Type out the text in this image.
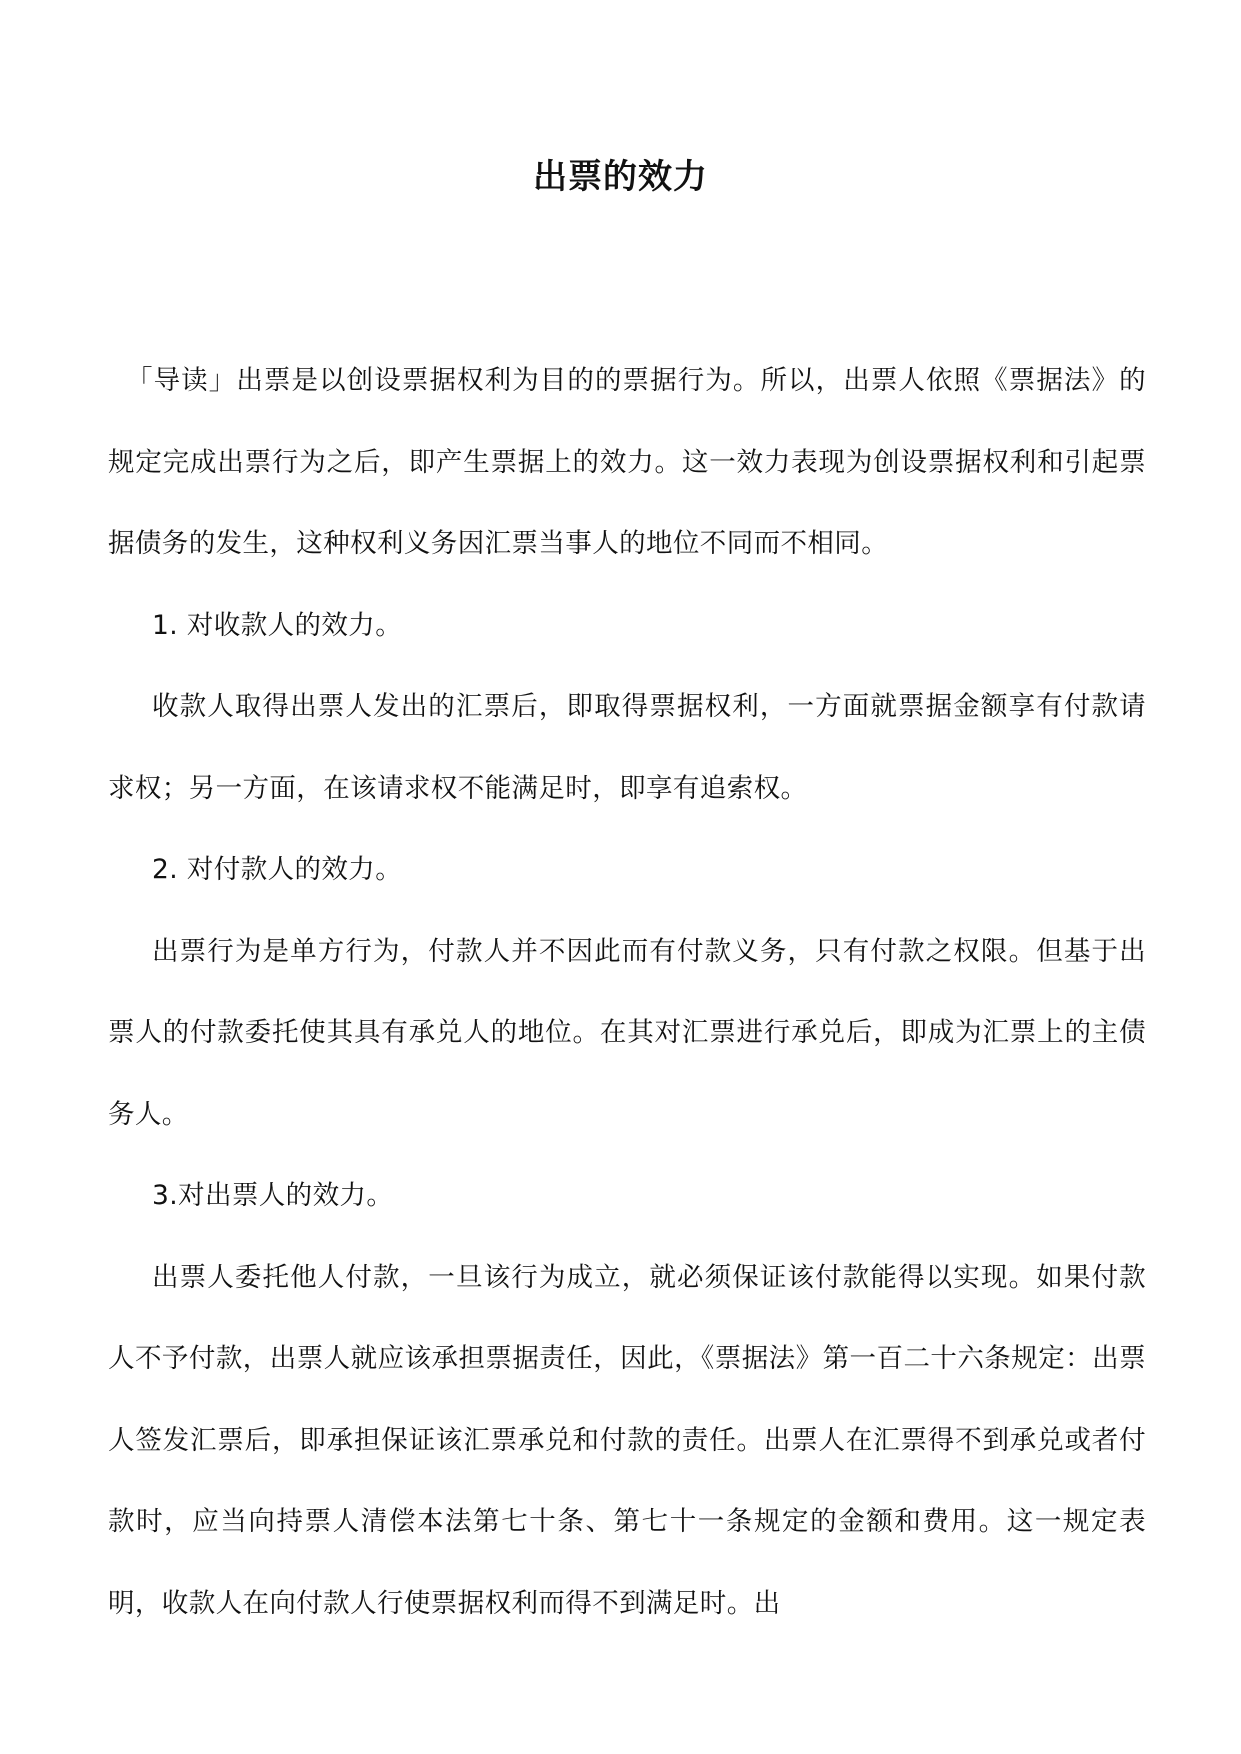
出票的效力

「导读」出票是以创设票据权利为目的的票据行为。所以，出票人依照《票据法》的规定完成出票行为之后，即产生票据上的效力。这一效力表现为创设票据权利和引起票据债务的发生，这种权利义务因汇票当事人的地位不同而不相同。

1. 对收款人的效力。

收款人取得出票人发出的汇票后，即取得票据权利，一方面就票据金额享有付款请求权；另一方面，在该请求权不能满足时，即享有追索权。

2. 对付款人的效力。

出票行为是单方行为，付款人并不因此而有付款义务，只有付款之权限。但基于出票人的付款委托使其具有承兑人的地位。在其对汇票进行承兑后，即成为汇票上的主债务人。

3.对出票人的效力。

出票人委托他人付款，一旦该行为成立，就必须保证该付款能得以实现。如果付款人不予付款，出票人就应该承担票据责任，因此，《票据法》第一百二十六条规定：出票人签发汇票后，即承担保证该汇票承兑和付款的责任。出票人在汇票得不到承兑或者付款时，应当向持票人清偿本法第七十条、第七十一条规定的金额和费用。这一规定表明，收款人在向付款人行使票据权利而得不到满足时。出
